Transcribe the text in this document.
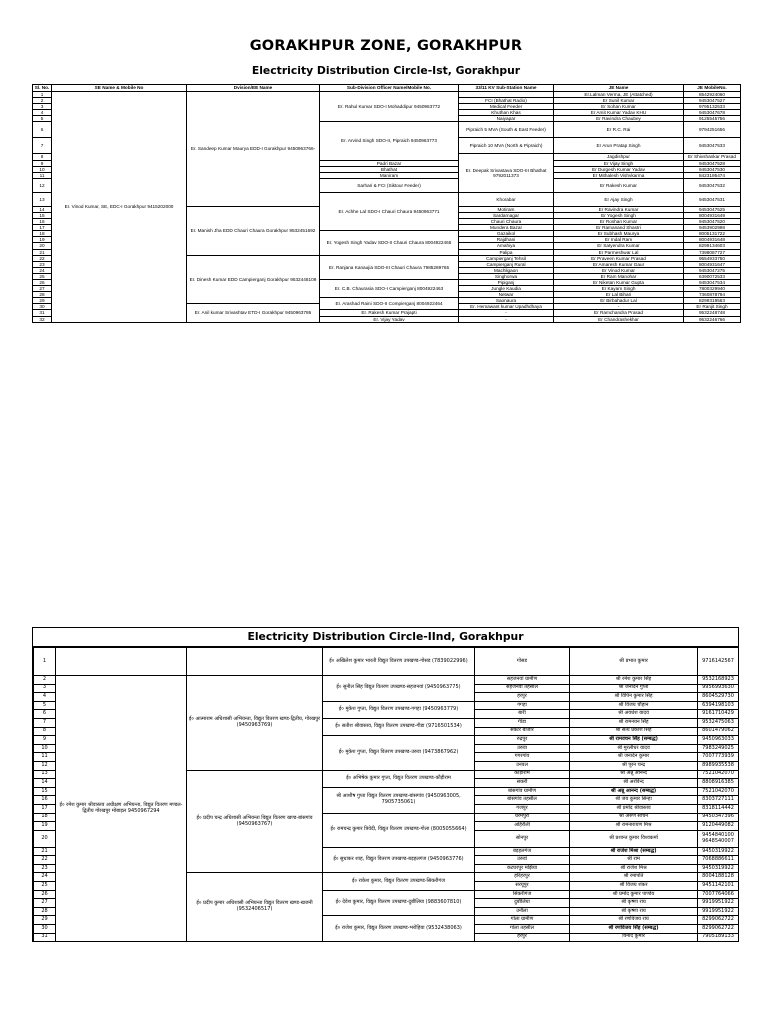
GORAKHPUR ZONE, GORAKHPUR
Electricity Distribution Circle-Ist, Gorakhpur
Sl. No.	SE Name & Mobile No	Dvision/EE Name	Sub-Division Officer Name/Mobile No.	33/11 KV Sub-Station Name	JE Name	JE MobileNo.	
1	Er. Vinod Kumar, SE, EDC-I Gorakhpur 9415202000	Er. Sandeep Kumar Maurya EDD-I Gorakhpur 9450963766-	Er. Rahul Kumar SDO-I Mohaddipur 9450963772		Er.Lalman Verma, JE (Attatched)	8542924060	
2				FCI (Bhathat Radio)	Er Sunil Kumar	9453047527	
3				Medical Feeder	Er Sohan Kumar	9795132533	
4				Khuthan Khas	Er Amit Kumar Yadav KHU	9453047678	
5				Naiyapar	Er Ravindra Chaubey	9125545756	
6			Er. Arvind Singh SDO-II, Pipraich 9450963773	Pipraich 5 MVA (South & East Feeder)	Er R.C. Rai	9794251656	
7				Pipraich 10 MVA (North & Pipraich)	Er Arun Pratap Singh	9453047533	
8				Er. Deepak Srivastava SDO-III Bhathat 9792011373	Jagdishpur	Er Shivshankar Prasad	
9			Padri Bazar		Er Vijay Singh	9453047528	
10			Bhathat		Er Durgesh Kumar Yadav	9453047530	
11			Maniram		Er Mithalesh Vishvkarma	8423195474	
12			Sarhari & FCI (Siktour Feeder)		Er Rakesh Kumar	9453047532	
13			Er. Achhe Lal SDO-I Chauri Chaura 9450963771	Khorabar	Er Ajay Singh	9453047531	
14		Er. Manish Jha EDD Chauri Chaura Gorakhpur 9532451692		Motiram	Er Ravindra Kumar	9453047525	
15				Sardarnagar	Er Yogesh Singh	8004931649	
16				Chauri Chaura	Er Roshan Kumar	9453047520	
17				Mundera Bazar	Er Ramanand Shastri	9453902998	
18			Er. Yogesh Singh Yadav SDO-II Chauri Chaura 8004922465	Gazaikol	Er Subhash Maurya	8005131722	
19				Rajdhani	Er Indal Ram	8004931648	
20				Amahiya	Er Satyendra Kumar	8299134603	
21				Palipa	Er Parmeshwar Lal	7398087727	
22		Er. Dinesh Kumar EDD Campierganj Gorakhpur 9532448109	Er. Ranjana Kanaujia SDO-III Chauri Chaura 7985289765	Campierganj Tehsil	Er Praveen Kumar Prasad	9554933750	
23				Campierganj Rural	Er Amaresh Kumar Gaur	8004931647	
24				Machligaon	Er Vinod Kumar	9453047275	
25				Singhorwa	Er Ram Manohar	6390072533	
26			Er. C.B. Chaurasia SDO-I Campierganj 8004922463	Pipiganj	Er Niketan Kumar Gupta	9453047534	
27				Jungle Kaudia	Er Kayam Singh	7800329940	
28				Netwar	Er Lal Bihari	7360878794	
29			Er. Arashad Raini SDO-II Compierganj 8004922464	Saonaura	Er Birbahadur Lal	8299319563	
30		Er. Anil kumar Srivashtav ETD-I Gorakhpur 9450963786		Er. Hemawant kumar Upadhdhaya	-	Er Ranjit Singh	
31			Er. Rakesh Kumar Prajapti	-	Er Ramchandra Prasad	9532248748	
32			Er. Vijay Yadav	-	Er Chandrashekhar	9532246766	
Electricity Distribution Circle-IInd, Gorakhpur
1			ई० अखिलेश कुमार भारती विद्युत वितरण उपखण्ड-गोसड (7839022996)	गोसड	श्री प्रभात कुमार	9716142567
2	ई० रमेश कुमार श्रीवास्तव अधीक्षण अभियन्ता, विद्युत वितरण मण्डल-द्वितीय गोरखपुर मोबाइल 9450967294	ई० आत्माराम अधिशासी अभियन्ता, विद्युत वितरण खण्ड-द्वितीय, गोरखपुर (9450963769)	ई० सुनील सिंह विद्युत वितरण उपखण्ड-सहजनवां (9450963775)	सहजनवां ग्रामीण	श्री रमेश कुमार सिंह	9532168923
3				सहजनवां तहसील	श्री जनार्दन गुप्ता	9956993630
4				हरपुर	श्री विपिन कुमार सिंह	8604529730
5			ई० मुकेश गुप्ता, विद्युत वितरण उपखण्ड-गगहा (9450963779)	गगहा	श्री विजय चौहान	6394198103
6				बारी	श्री अवधेश यादव	9161710429
7			ई० सतीश श्रीवास्तव, विद्युत वितरण उपखण्ड-गीडा (9716501534)	गीडा	श्री रामनयन सिंह	9532475063
8				सेक्टर बाजार	श्री सत्य प्रकाश सिंह	8601479062
9			ई० मुकेश गुप्ता, विद्युत वितरण उपखण्ड-उरुवा (9473867962)	रुद्रपुर	श्री रामवचन सिंह (सम्बद्ध)	9450963033
10				उरुवा	श्री मुरलीधर यादव	7983249025
11				गगरगांव	श्री जनार्दन कुमार	7007773939
12				उनवल	श्री पूरन चन्द्र	8989935538
13		ई० प्रदीप चन्द्र अधिशासी अभियन्ता विद्युत वितरण खण्ड-बांसगांव (9450963767)	ई० अभिषेक कुमार गुप्ता, विद्युत वितरण उपखण्ड-कौड़ीराम	कौड़ीराम	श्री अन्नू आनन्द	7521042070
14				सकरी	श्री अरविन्द	8808916385
15			श्री आशीष गुप्ता विद्युत वितरण उपखण्ड-बांसगांव (9450963005, 7905735061)	बांसगांव ग्रामीण	श्री अन्नू आनन्द (सम्बद्ध)	7521042070
16				बांसगांव तहसील	श्री जय कुमार सिन्हा	8303727111
17				गजपुर	श्री प्रमोद श्रीवास्तव	8318114442
18			ई० रामचन्द्र कुमार त्रिवेदी, विद्युत वितरण उपखण्ड-गोला (8005055664)	धरमपुरा	श्री अरुण सचिन	9450347396
19				अहिरौली	श्री रामनारायण मिश्र	9120449082
20				सोनपुर	श्री प्रशान्त कुमार विश्वकर्मा	9454840100 9648540007
21			ई० सुधाकर शाह, विद्युत वितरण उपखण्ड-बड़हलगंज (9450963776)	बड़हलगंज	श्री राजेश मिश्रा (सम्बद्ध)	9450319922
22				उरुवां	श्री राम	7068886611
23				कटघरपुर मझिया	श्री राजेश मिश्र	9450319922
24		ई० प्रदीप कुमार अधिशासी अभियन्ता विद्युत वितरण खण्ड-खजनी (9532406517)	ई० राकेश कुमार, विद्युत वितरण उपखण्ड-सिकरीगंज	हरिहरपुर	श्री रमापति	8004188128
25				सरयूपुर	श्री विजय शंकर	9451142101
26			ई० देवेश कुमार, विद्युत वितरण उपखण्ड-दुबौलिया (9883607810)	सिकरीगंज	श्री प्रमोद कुमार पाण्डेय	7007764066
27				दुबौलिया	श्री कृष्णा राय	9919951922
28				उनौला	श्री कृष्णा राय	9919951922
29			ई० राजेश कुमार, विद्युत वितरण उपखण्ड-भरोहिया (9532438063)	गोला ग्रामीण	श्री रणविजय राय	8299062722
30				गोला तहसील	श्री रणविजय सिंह (सम्बद्ध)	8299062722
31				हरपुर	विनोद कुमार	7905189133
